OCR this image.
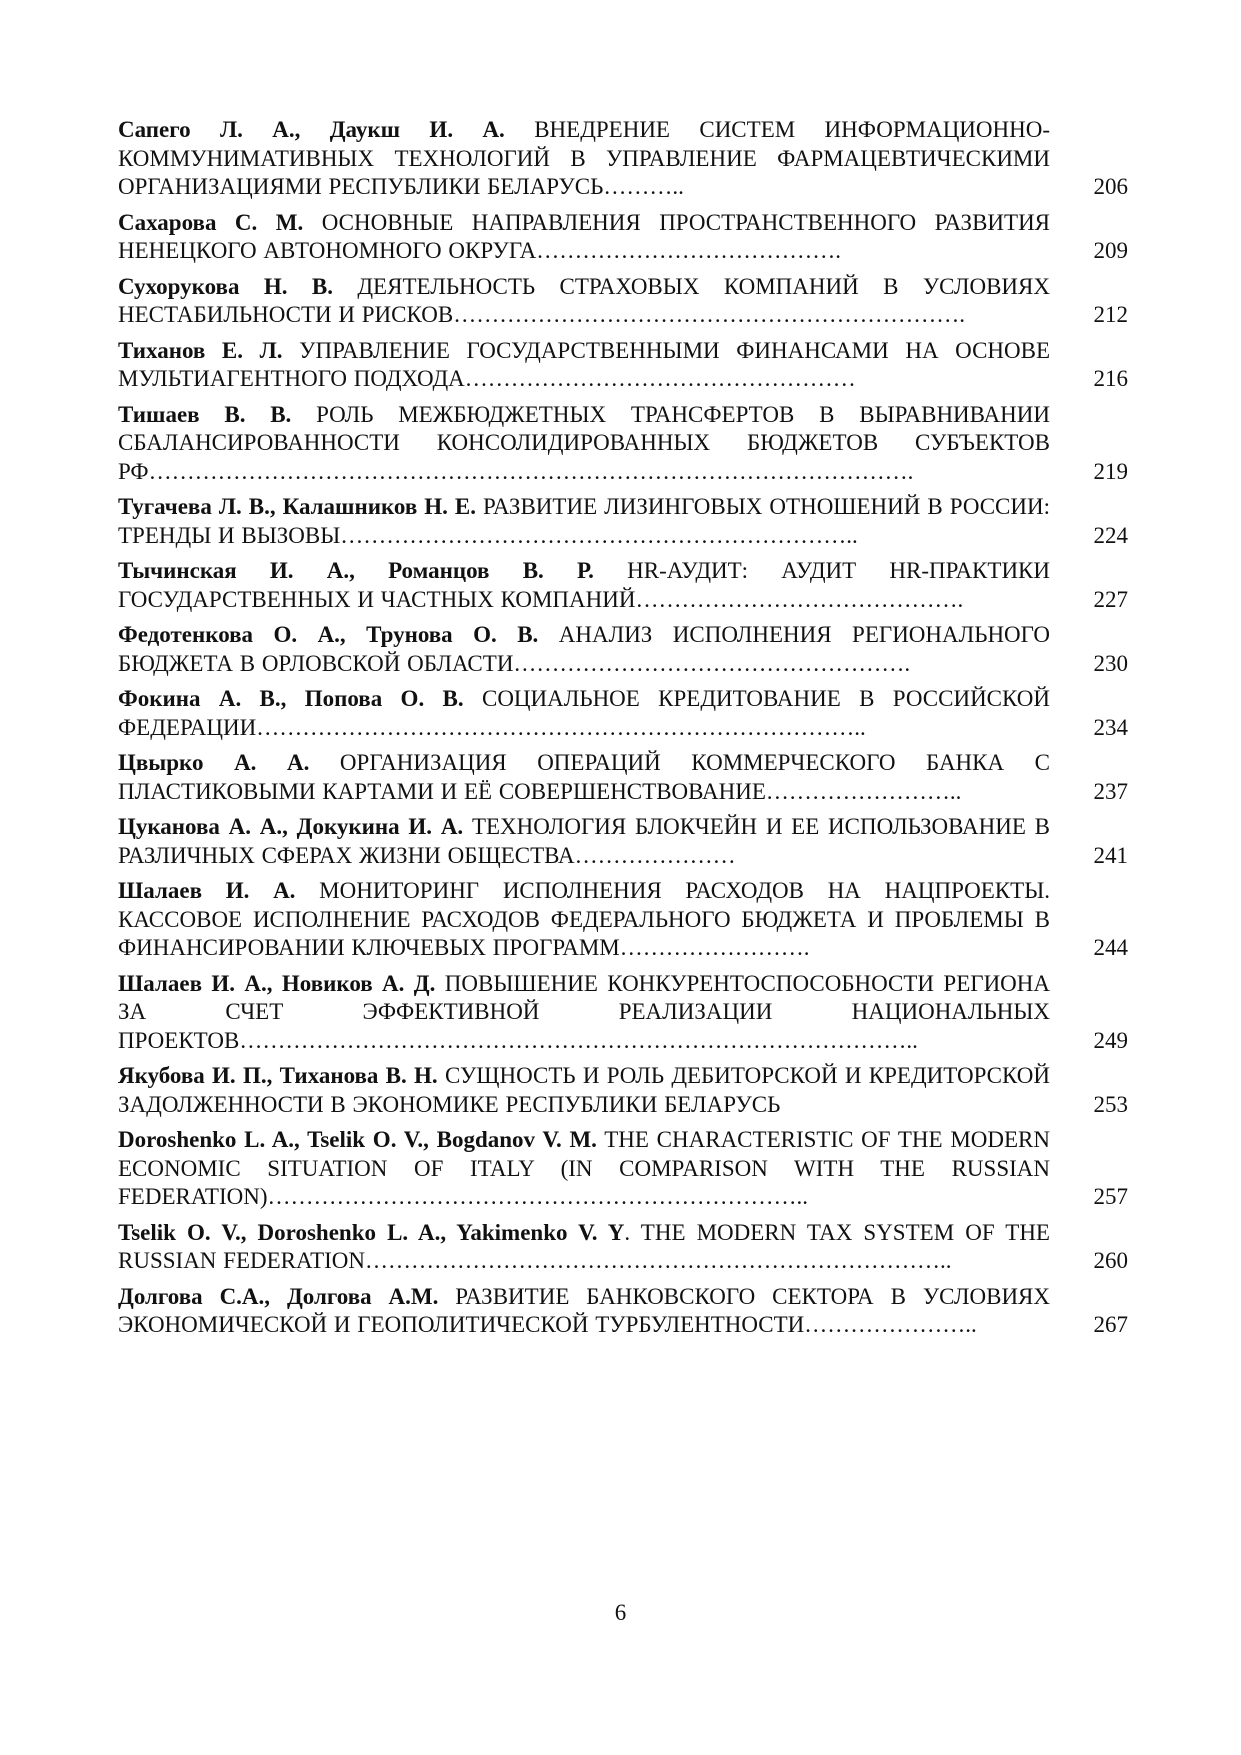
Сапего Л. А., Даукш И. А. ВНЕДРЕНИЕ СИСТЕМ ИНФОРМАЦИОННО-КОММУНИМАТИВНЫХ ТЕХНОЛОГИЙ В УПРАВЛЕНИЕ ФАРМАЦЕВТИЧЕСКИМИ ОРГАНИЗАЦИЯМИ РЕСПУБЛИКИ БЕЛАРУСЬ………..	206
Сахарова С. М. ОСНОВНЫЕ НАПРАВЛЕНИЯ ПРОСТРАНСТВЕННОГО РАЗВИТИЯ НЕНЕЦКОГО АВТОНОМНОГО ОКРУГА………………………………….	209
Сухорукова Н. В. ДЕЯТЕЛЬНОСТЬ СТРАХОВЫХ КОМПАНИЙ В УСЛОВИЯХ НЕСТАБИЛЬНОСТИ И РИСКОВ………………………………………………………….	212
Тиханов Е. Л. УПРАВЛЕНИЕ ГОСУДАРСТВЕННЫМИ ФИНАНСАМИ НА ОСНОВЕ МУЛЬТИАГЕНТНОГО ПОДХОДА……………………………………………	216
Тишаев В. В. РОЛЬ МЕЖБЮДЖЕТНЫХ ТРАНСФЕРТОВ В ВЫРАВНИВАНИИ СБАЛАНСИРОВАННОСТИ КОНСОЛИДИРОВАННЫХ БЮДЖЕТОВ СУБЪЕКТОВ РФ……………………………………………………………………………………….	219
Тугачева Л. В., Калашников Н. Е. РАЗВИТИЕ ЛИЗИНГОВЫХ ОТНОШЕНИЙ В РОССИИ: ТРЕНДЫ И ВЫЗОВЫ…………………………………………………………..	224
Тычинская И. А., Романцов В. Р. HR-АУДИТ: АУДИТ HR-ПРАКТИКИ ГОСУДАРСТВЕННЫХ И ЧАСТНЫХ КОМПАНИЙ…………………………………….	227
Федотенкова О. А., Трунова О. В. АНАЛИЗ ИСПОЛНЕНИЯ РЕГИОНАЛЬНОГО БЮДЖЕТА В ОРЛОВСКОЙ ОБЛАСТИ…………………………………………….	230
Фокина А. В., Попова О. В. СОЦИАЛЬНОЕ КРЕДИТОВАНИЕ В РОССИЙСКОЙ ФЕДЕРАЦИИ……………………………………………………………………..	234
Цвырко А. А. ОРГАНИЗАЦИЯ ОПЕРАЦИЙ КОММЕРЧЕСКОГО БАНКА С ПЛАСТИКОВЫМИ КАРТАМИ И ЕЁ СОВЕРШЕНСТВОВАНИЕ……………………..	237
Цуканова А. А., Докукина И. А. ТЕХНОЛОГИЯ БЛОКЧЕЙН И ЕЕ ИСПОЛЬЗОВАНИЕ В РАЗЛИЧНЫХ СФЕРАХ ЖИЗНИ ОБЩЕСТВА…………………	241
Шалаев И. А. МОНИТОРИНГ ИСПОЛНЕНИЯ РАСХОДОВ НА НАЦПРОЕКТЫ. КАССОВОЕ ИСПОЛНЕНИЕ РАСХОДОВ ФЕДЕРАЛЬНОГО БЮДЖЕТА И ПРОБЛЕМЫ В ФИНАНСИРОВАНИИ КЛЮЧЕВЫХ ПРОГРАММ…………………….	244
Шалаев И. А., Новиков А. Д. ПОВЫШЕНИЕ КОНКУРЕНТОСПОСОБНОСТИ РЕГИОНА ЗА СЧЕТ ЭФФЕКТИВНОЙ РЕАЛИЗАЦИИ НАЦИОНАЛЬНЫХ ПРОЕКТОВ……………………………………………………………………………..	249
Якубова И. П., Тиханова В. Н. СУЩНОСТЬ И РОЛЬ ДЕБИТОРСКОЙ И КРЕДИТОРСКОЙ ЗАДОЛЖЕННОСТИ В ЭКОНОМИКЕ РЕСПУБЛИКИ БЕЛАРУСЬ	253
Doroshenko L. A., Tselik O. V., Bogdanov V. M. THE CHARACTERISTIC OF THE MODERN ECONOMIC SITUATION OF ITALY (IN COMPARISON WITH THE RUSSIAN FEDERATION)……………………………………………………………..	257
Tselik O. V., Doroshenko L. A., Yakimenko V. Y. THE MODERN TAX SYSTEM OF THE RUSSIAN FEDERATION…………………………………………………………………..	260
Долгова С.А., Долгова А.М. РАЗВИТИЕ БАНКОВСКОГО СЕКТОРА В УСЛОВИЯХ ЭКОНОМИЧЕСКОЙ И ГЕОПОЛИТИЧЕСКОЙ ТУРБУЛЕНТНОСТИ…………………..	267
6
